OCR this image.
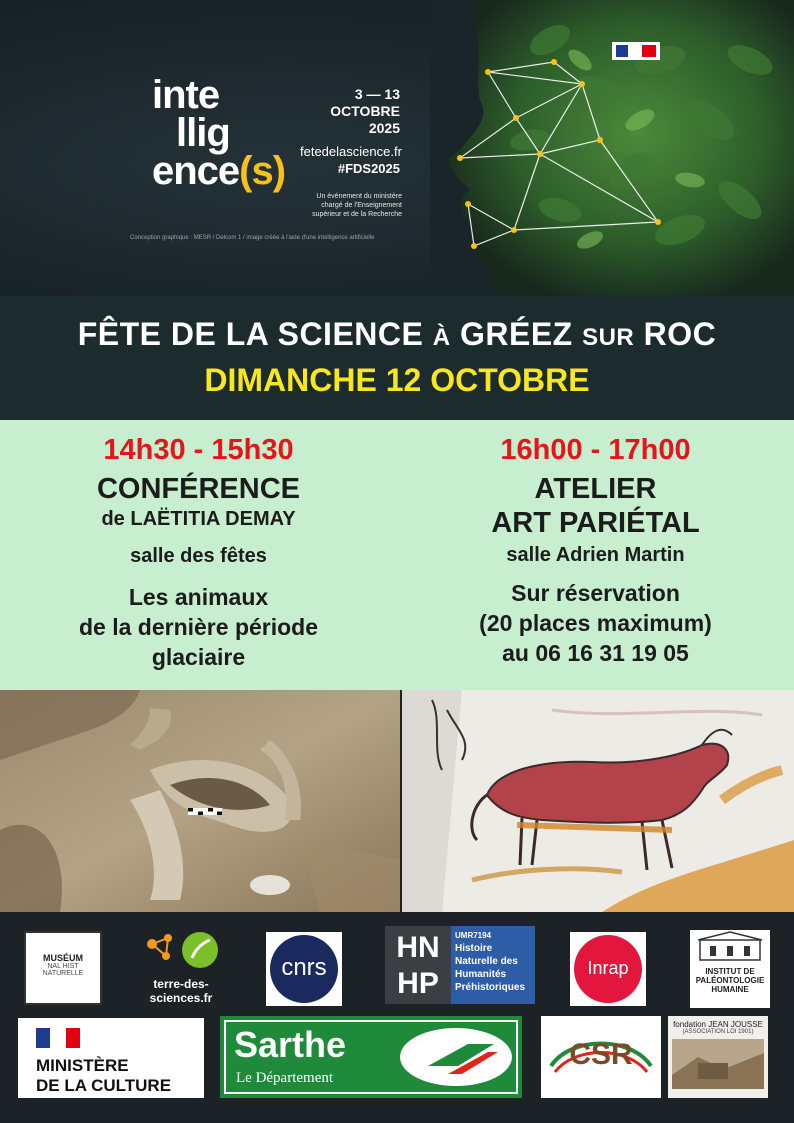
inte
llig
ence(s)
3 — 13
OCTOBRE
2025
fetedelascience.fr
#FDS2025
Un événement du ministère chargé de l'Enseignement supérieur et de la Recherche
Conception graphique : MESR / Delcom 1 / image créée à l'aide d'une intelligence artificielle
FÊTE DE LA SCIENCE À GRÉEZ SUR ROC
DIMANCHE 12 OCTOBRE
14h30 - 15h30
CONFÉRENCE
de LAËTITIA DEMAY
salle des fêtes
Les animaux
de la dernière période
glaciaire
16h00 - 17h00
ATELIER
ART PARIÉTAL
salle Adrien Martin
Sur réservation
(20 places maximum)
au 06 16 31 19 05
MUSÉUM
NAL HIST
NATURELLE
terre-des-
sciences.fr
cnrs
HN
HP
UMR7194
Histoire
Naturelle des
Humanités
Préhistoriques
Inrap	INSTITUT DE
PALÉONTOLOGIE
HUMAINE
MINISTÈRE
DE LA CULTURE
Sarthe
Le Département
CSR
fondation JEAN JOUSSE
(ASSOCIATION LOI 1901)
